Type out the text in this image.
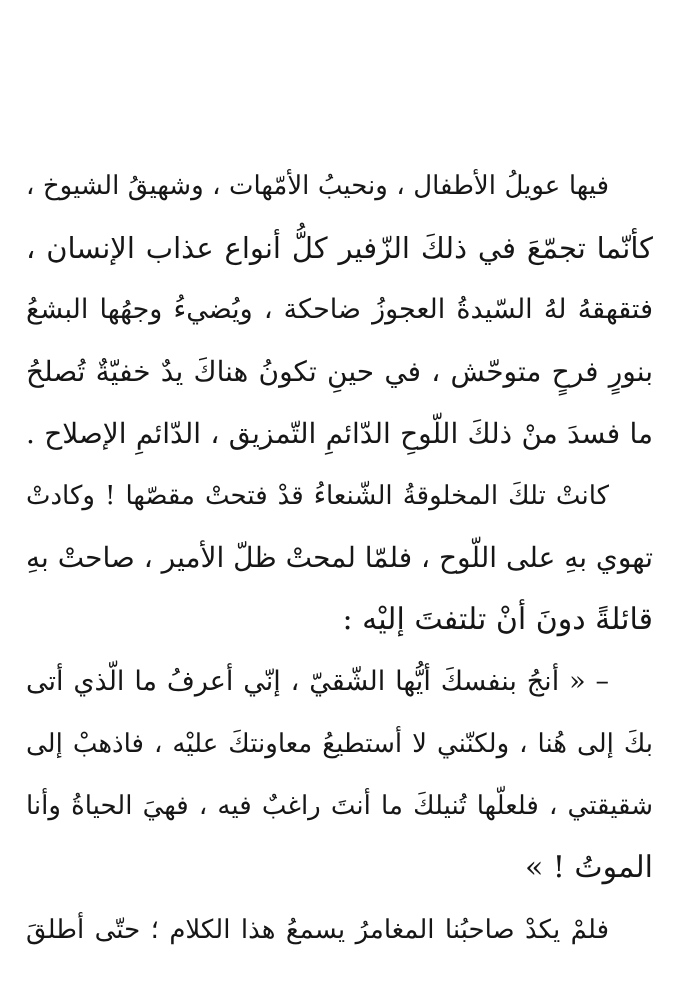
فيها عويلُ الأطفال ، ونحيبُ الأمّهات ، وشهيقُ الشيوخ ،
كأنّما تجمّعَ في ذلكَ الزّفير كلُّ أنواع عذاب الإنسان ،
فتقهقهُ لهُ السّيدةُ العجوزُ ضاحكة ، ويُضيءُ وجهُها البشعُ
بنورٍ فرحٍ متوحّش ، في حينِ تكونُ هناكَ يدٌ خفيّةٌ تُصلحُ
ما فسدَ منْ ذلكَ اللّوحِ الدّائمِ التّمزيق ، الدّائمِ الإصلاح .
كانتْ تلكَ المخلوقةُ الشّنعاءُ قدْ فتحتْ مقصّها ! وكادتْ
تهوي بهِ على اللّوح ، فلمّا لمحتْ ظلّ الأمير ، صاحتْ بهِ
قائلةً دونَ أنْ تلتفتَ إليْه :
– « أنجُ بنفسكَ أيُّها الشّقيّ ، إنّي أعرفُ ما الّذي أتى
بكَ إلى هُنا ، ولكنّني لا أستطيعُ معاونتكَ عليْه ، فاذهبْ إلى
شقيقتي ، فلعلّها تُنيلكَ ما أنتَ راغبٌ فيه ، فهيَ الحياةُ وأنا
الموتُ ! »
فلمْ يكدْ صاحبُنا المغامرُ يسمعُ هذا الكلام ؛ حتّى أطلقَ
